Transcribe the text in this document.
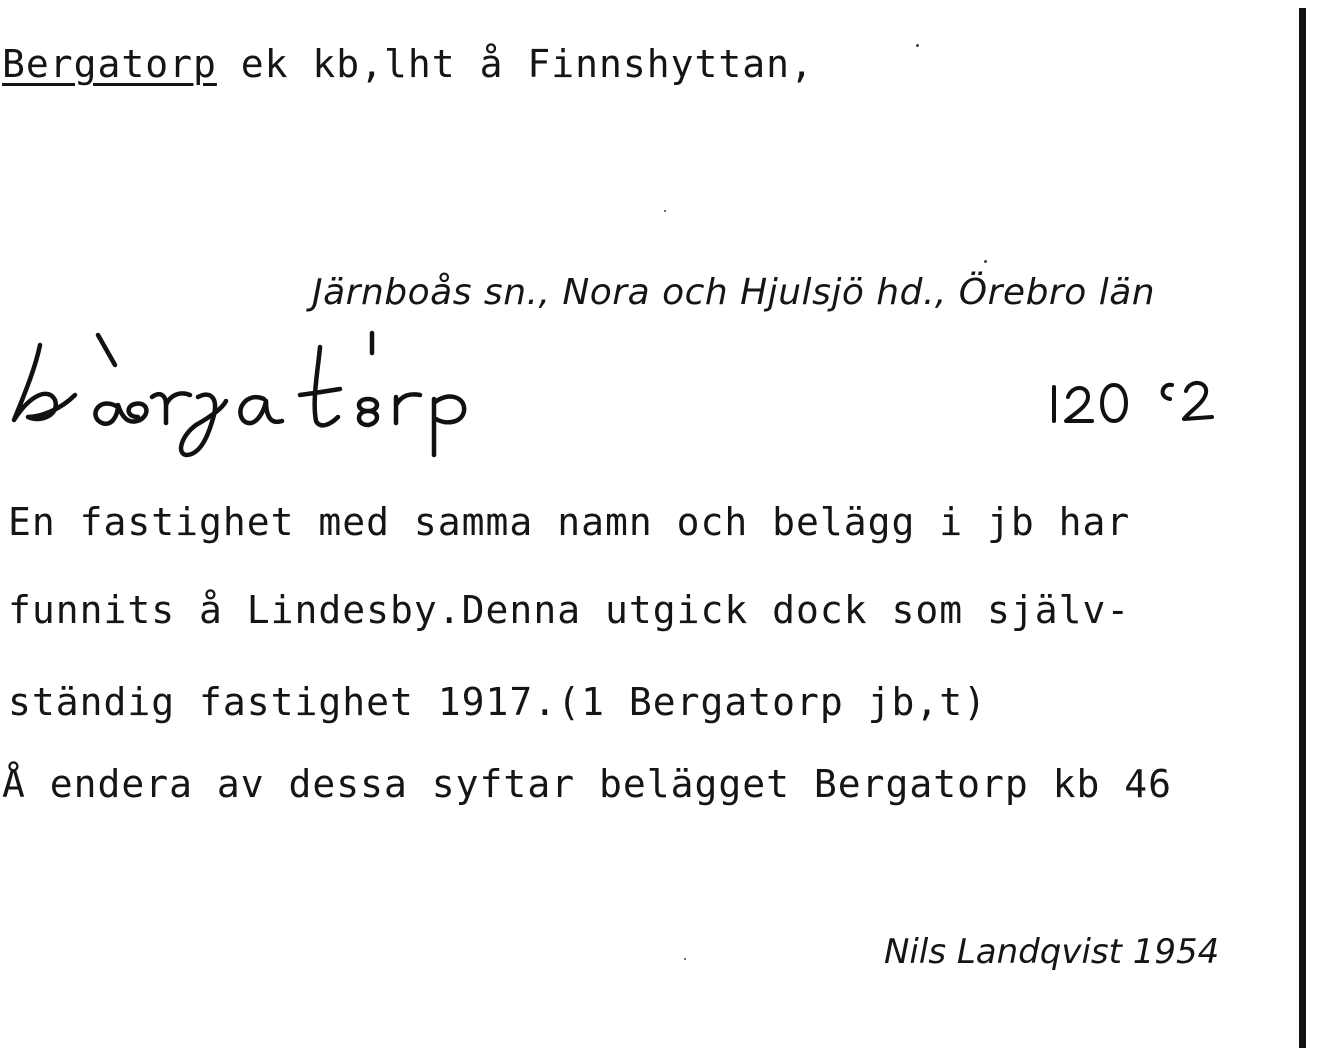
Bergatorp ek kb,lht å Finnshyttan,
Järnboås sn., Nora och Hjulsjö hd., Örebro län
En fastighet med samma namn och belägg i jb har
funnits å Lindesby.Denna utgick dock som själv-
ständig fastighet 1917.(1 Bergatorp jb,t)
Å endera av dessa syftar belägget Bergatorp kb 46
Nils Landqvist 1954
